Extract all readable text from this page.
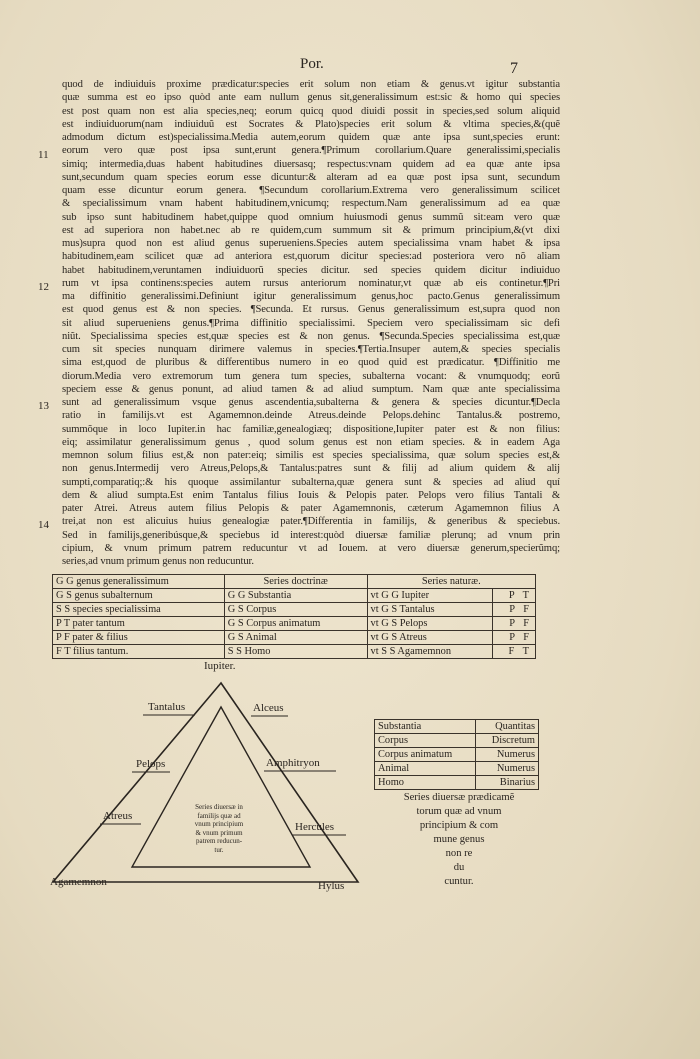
Por.	7
11
12
13
14
quod de indiuiduis proxime prædicatur:species erit solum non etiam & genus.vt igitur substantia
quæ summa est eo ipso quòd ante eam nullum genus sit,generalissimum est:sic & homo qui species
est post quam non est alia species,neq; eorum quicq quod diuidi possit in species,sed solum aliquid
est indiuiduorum(nam indiuiduũ est Socrates & Plato)species erit solum & vltima species,&(quẽ
admodum dictum est)specialissima.Media autem,eorum quidem quæ ante ipsa sunt,species erunt:
eorum vero quæ post ipsa sunt,erunt genera.¶Primum corollarium.Quare generalissimi,specialis
simiq; intermedia,duas habent habitudines diuersasq; respectus:vnam quidem ad ea quæ ante ipsa
sunt,secundum quam species eorum esse dicuntur:& alteram ad ea quæ post ipsa sunt, secundum
quam esse dicuntur eorum genera. ¶Secundum corollarium.Extrema vero generalissimum scilicet
& specialissimum vnam habent habitudinem,vnicumq; respectum.Nam generalissimum ad ea quæ
sub ipso sunt habitudinem habet,quippe quod omnium huiusmodi genus summũ sit:eam vero quæ
est ad superiora non habet.nec ab re quidem,cum summum sit & primum principium,&(vt dixi
mus)supra quod non est aliud genus superueniens.Species autem specialissima vnam habet & ipsa
habitudinem,eam scilicet quæ ad anteriora est,quorum dicitur species:ad posteriora vero nõ aliam
habet habitudinem,veruntamen indiuiduorũ species dicitur. sed species quidem dicitur indiuiduo
rum vt ipsa continens:species autem rursus anteriorum nominatur,vt quæ ab eis continetur.¶Pri
ma diffinitio generalissimi.Definiunt igitur generalissimum genus,hoc pacto.Genus generalissimum
est quod genus est & non species. ¶Secunda. Et rursus. Genus generalissimum est,supra quod non
sit aliud superueniens genus.¶Prima diffinitio specialissimi. Speciem vero specialissimam sic defi
niũt. Specialissima species est,quæ species est & non genus. ¶Secunda.Species specialissima est,quæ
cum sit species nunquam dirimere valemus in species.¶Tertia.Insuper autem,& species specialis
sima est,quod de pluribus & differentibus numero in eo quod quid est prædicatur. ¶Diffinitio me
diorum.Media vero extremorum tum genera tum species, subalterna vocant: & vnumquodq; eorũ
speciem esse & genus ponunt, ad aliud tamen & ad aliud sumptum. Nam quæ ante specialissima
sunt ad generalissimum vsque genus ascendentia,subalterna & genera & species dicuntur.¶Decla
ratio in familijs.vt est Agamemnon.deinde Atreus.deinde Pelops.dehinc Tantalus.& postremo,
summõque in loco Iupiter.in hac familiæ,genealogiæq; dispositione,Iupiter pater est & non filius:
eiq; assimilatur generalissimum genus , quod solum genus est non etiam species. & in eadem Aga
memnon solum filius est,& non pater:eiq; similis est species specialissima, quæ solum species est,&
non genus.Intermedij vero Atreus,Pelops,& Tantalus:patres sunt & filij ad alium quidem & alij
sumpti,comparatiq;:& his quoque assimilantur subalterna,quæ genera sunt & species ad aliud quí
dem & aliud sumpta.Est enim Tantalus filius Iouis & Pelopis pater. Pelops vero filius Tantali &
pater Atrei. Atreus autem filius Pelopis & pater Agamemnonis, cæterum Agamemnon filius A
trei,at non est alicuius huius genealogiæ pater.¶Differentia in familijs, & generibus & speciebus.
Sed in familijs,generibúsque,& speciebus id interest:quòd diuersæ familiæ plerunq; ad vnum prin
cipium, & vnum primum patrem reducuntur vt ad Iouem. at vero diuersæ generum,specierũmq;
series,ad vnum primum genus non reducuntur.
G G genus generalissimum	Series doctrinæ	Series naturæ.	
G S genus subalternum	G G Substantia	vt G G Iupiter	P T
S S species specialissima	G S Corpus	vt G S Tantalus	P F
P T pater tantum	G S Corpus animatum	vt G S Pelops	P F
P F pater & filius	G S Animal	vt G S Atreus	P F
F T filius tantum.	S S Homo	vt S S Agamemnon	F T
Iupiter.
Tantalus	Alceus
Pelops	Amphitryon
Atreus
Hercules
Agamemnon	Hylus
Series diuersæ in
familijs quæ ad
vnum principium
& vnum primum
patrem reducun-
tur.
Substantia	Quantitas
Corpus	Discretum
Corpus animatum	Numerus
Animal	Numerus
Homo	Binarius
Series diuersæ prædicamẽ
torum quæ ad vnum
principium & com
mune genus
non re
du
cuntur.
